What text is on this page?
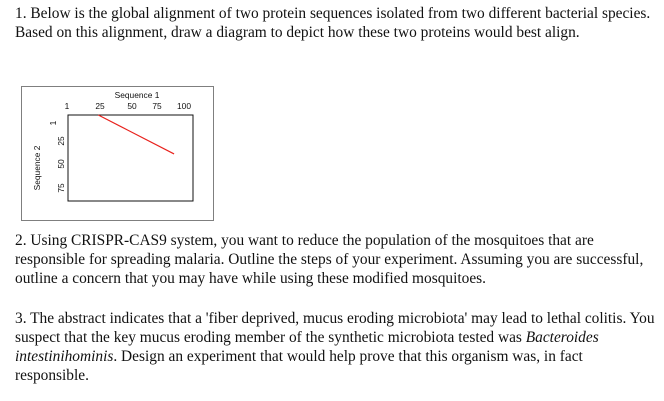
1. Below is the global alignment of two protein sequences isolated from two different bacterial species. Based on this alignment, draw a diagram to depict how these two proteins would best align.
Sequence 1
Sequence 2
1	25	50 75 100
1
25
50
75
2. Using CRISPR-CAS9 system, you want to reduce the population of the mosquitoes that are responsible for spreading malaria. Outline the steps of your experiment. Assuming you are successful, outline a concern that you may have while using these modified mosquitoes.
3. The abstract indicates that a 'fiber deprived, mucus eroding microbiota' may lead to lethal colitis. You suspect that the key mucus eroding member of the synthetic microbiota tested was Bacteroides intestinihominis. Design an experiment that would help prove that this organism was, in fact responsible.
